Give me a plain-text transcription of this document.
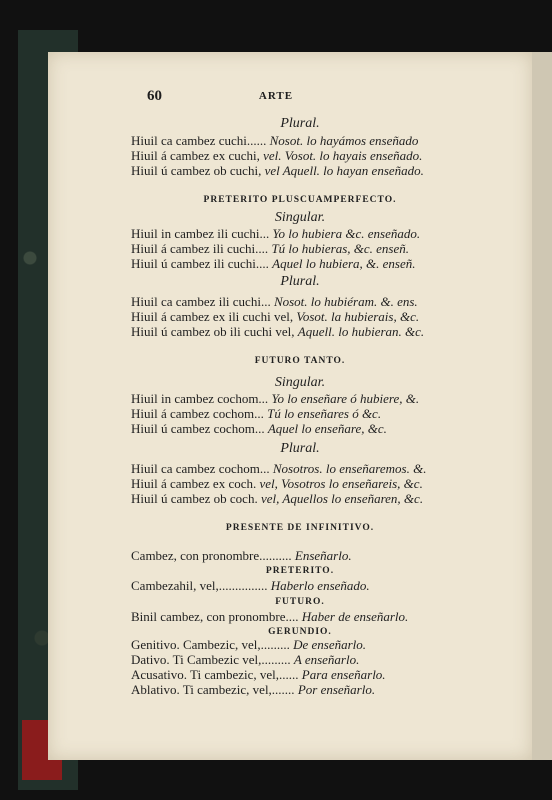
60	ARTE
Plural.
Hiuil ca cambez cuchi...... Nosot. lo hayámos enseñado
Hiuil á cambez ex cuchi, vel. Vosot. lo hayais enseñado.
Hiuil ú cambez ob cuchi, vel Aquell. lo hayan enseñado.
PRETERITO PLUSCUAMPERFECTO.
Singular.
Hiuil in cambez ili cuchi... Yo lo hubiera &c. enseñado.
Hiuil á cambez ili cuchi.... Tú lo hubieras, &c. enseñ.
Hiuil ú cambez ili cuchi.... Aquel lo hubiera, &. enseñ.
Plural.
Hiuil ca cambez ili cuchi... Nosot. lo hubiéram. &. ens.
Hiuil á cambez ex ili cuchi vel, Vosot. la hubierais, &c.
Hiuil ú cambez ob ili cuchi vel, Aquell. lo hubieran. &c.
FUTURO TANTO.
Singular.
Hiuil in cambez cochom... Yo lo enseñare ó hubiere, &.
Hiuil á cambez cochom... Tú lo enseñares ó &c.
Hiuil ú cambez cochom... Aquel lo enseñare, &c.
Plural.
Hiuil ca cambez cochom... Nosotros. lo enseñaremos. &.
Hiuil á cambez ex coch. vel, Vosotros lo enseñareis, &c.
Hiuil ú cambez ob coch. vel, Aquellos lo enseñaren, &c.
PRESENTE DE INFINITIVO.
Cambez, con pronombre.......... Enseñarlo.
PRETERITO.
Cambezahil, vel,............... Haberlo enseñado.
FUTURO.
Binil cambez, con pronombre.... Haber de enseñarlo.
GERUNDIO.
Genitivo. Cambezic, vel,......... De enseñarlo.
Dativo. Ti Cambezic vel,......... A enseñarlo.
Acusativo. Ti cambezic, vel,...... Para enseñarlo.
Ablativo. Ti cambezic, vel,....... Por enseñarlo.
